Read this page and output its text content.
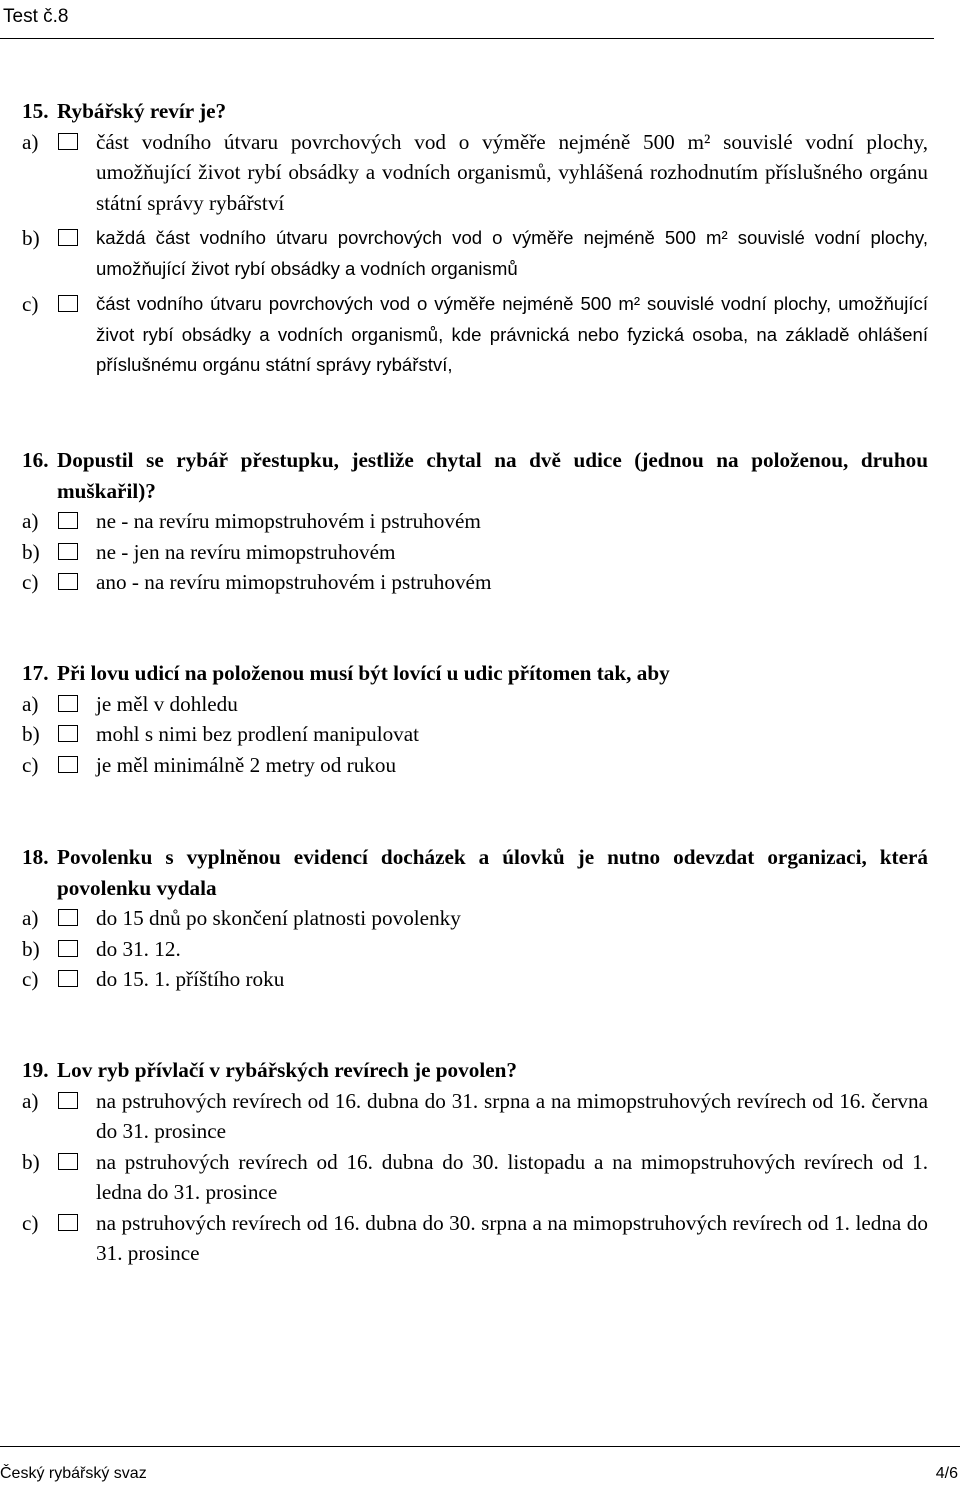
Test č.8
15. Rybářský revír je?
a)	část vodního útvaru povrchových vod o výměře nejméně 500 m² souvislé vodní plochy, umožňující život rybí obsádky a vodních organismů, vyhlášená rozhodnutím příslušného orgánu státní správy rybářství
b)	každá část vodního útvaru povrchových vod o výměře nejméně 500 m² souvislé vodní plochy, umožňující život rybí obsádky a vodních organismů
c)	část vodního útvaru povrchových vod o výměře nejméně 500 m² souvislé vodní plochy, umožňující život rybí obsádky a vodních organismů, kde právnická nebo fyzická osoba, na základě ohlášení příslušnému orgánu státní správy rybářství,
16. Dopustil se rybář přestupku, jestliže chytal na dvě udice (jednou na položenou, druhou muškařil)?
a)	ne - na revíru mimopstruhovém i pstruhovém
b)	ne - jen na revíru mimopstruhovém
c)	ano - na revíru mimopstruhovém i pstruhovém
17. Při lovu udicí na položenou musí být lovící u udic přítomen tak, aby
a)	je měl v dohledu
b)	mohl s nimi bez prodlení manipulovat
c)	je měl minimálně 2 metry od rukou
18. Povolenku s vyplněnou evidencí docházek a úlovků je nutno odevzdat organizaci, která povolenku vydala
a)	do 15 dnů po skončení platnosti povolenky
b)	do 31. 12.
c)	do 15. 1. příštího roku
19. Lov ryb přívlačí v rybářských revírech je povolen?
a)	na pstruhových revírech od 16. dubna do 31. srpna a na mimopstruhových revírech od 16. června do 31. prosince
b)	na pstruhových revírech od 16. dubna do 30. listopadu a na mimopstruhových revírech od 1. ledna do 31. prosince
c)	na pstruhových revírech od 16. dubna do 30. srpna a na mimopstruhových revírech od 1. ledna do 31. prosince
Český rybářský svaz	4/6
